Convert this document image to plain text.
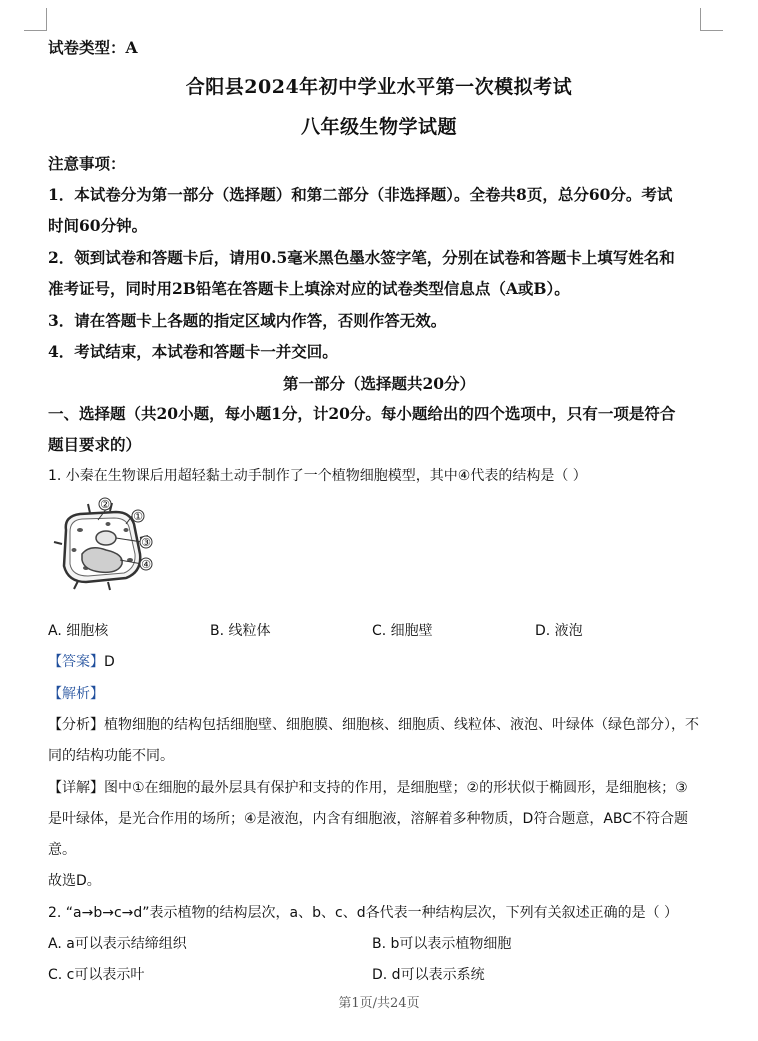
试卷类型：A
合阳县2024年初中学业水平第一次模拟考试
八年级生物学试题
注意事项：
1．本试卷分为第一部分（选择题）和第二部分（非选择题）。全卷共8页，总分60分。考试
时间60分钟。
2．领到试卷和答题卡后，请用0.5毫米黑色墨水签字笔，分别在试卷和答题卡上填写姓名和
准考证号，同时用2B铅笔在答题卡上填涂对应的试卷类型信息点（A或B）。
3．请在答题卡上各题的指定区域内作答，否则作答无效。
4．考试结束，本试卷和答题卡一并交回。
第一部分（选择题共20分）
一、选择题（共20小题，每小题1分，计20分。每小题给出的四个选项中，只有一项是符合
题目要求的）
1. 小秦在生物课后用超轻黏土动手制作了一个植物细胞模型，其中④代表的结构是（ ）
②
①
③
④
A. 细胞核	B. 线粒体	C. 细胞壁	D. 液泡
【答案】D
【解析】
【分析】植物细胞的结构包括细胞壁、细胞膜、细胞核、细胞质、线粒体、液泡、叶绿体（绿色部分），不
同的结构功能不同。
【详解】图中①在细胞的最外层具有保护和支持的作用，是细胞壁；②的形状似于椭圆形，是细胞核；③
是叶绿体，是光合作用的场所；④是液泡，内含有细胞液，溶解着多种物质，D符合题意，ABC不符合题
意。
故选D。
2. “a→b→c→d”表示植物的结构层次，a、b、c、d各代表一种结构层次，下列有关叙述正确的是（ ）
A. a可以表示结缔组织	B. b可以表示植物细胞
C. c可以表示叶	D. d可以表示系统
第1页/共24页
